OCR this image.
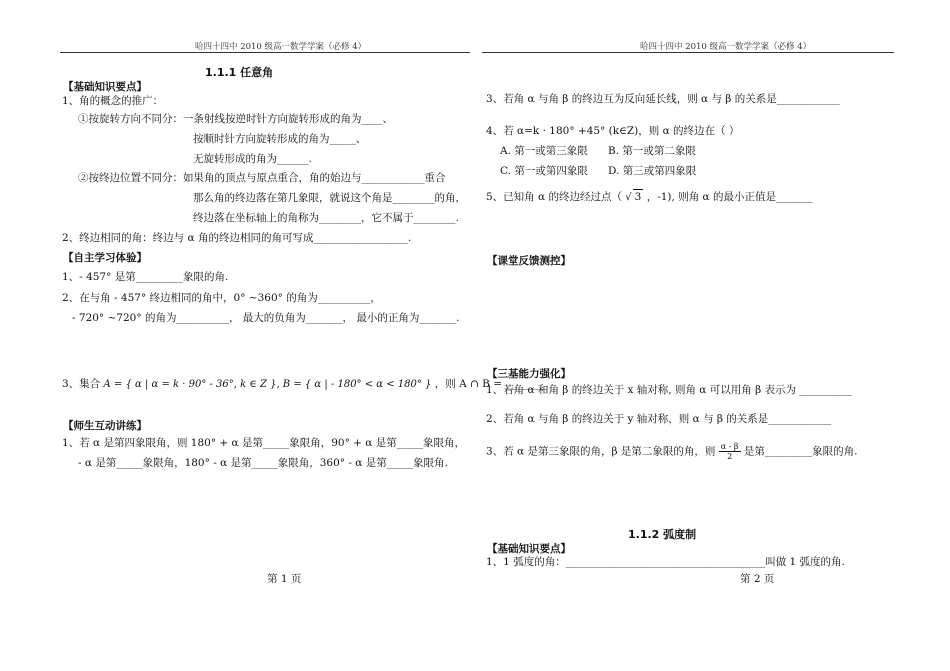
哈四十四中 2010 级高一数学学案（必修 4）	哈四十四中 2010 级高一数学学案（必修 4）
1.1.1 任意角
【基础知识要点】
1、角的概念的推广：
①按旋转方向不同分：一条射线按逆时针方向旋转形成的角为____、
按顺时针方向旋转形成的角为_____、
无旋转形成的角为______.
②按终边位置不同分：如果角的顶点与原点重合，角的始边与____________重合
那么角的终边落在第几象限，就说这个角是________的角，
终边落在坐标轴上的角称为________，它不属于________.
2、终边相同的角：终边与 α 角的终边相同的角可写成__________________.
【自主学习体验】
1、- 457° 是第_________象限的角.
2、在与角 - 457° 终边相同的角中，0° ~360° 的角为__________，
- 720° ~720° 的角为__________， 最大的负角为_______， 最小的正角为_______.
3、集合 A = { α | α = k · 90° - 36°, k ∈ Z }, B = { α | - 180° < α < 180° } ，则 A ∩ B = ________
【师生互动讲练】
1、若 α 是第四象限角，则 180° + α 是第_____象限角，90° + α 是第_____象限角，
- α 是第_____象限角，180° - α 是第_____象限角，360° - α 是第_____象限角.
第 1 页
3、若角 α 与角 β 的终边互为反向延长线，则 α 与 β 的关系是____________
4、若 α=k · 180° +45° (k∈Z)，则 α 的终边在（ ）
A. 第一或第三象限 B. 第一或第二象限
C. 第一或第四象限 D. 第三或第四象限
5、已知角 α 的终边经过点（ √ 3 ，-1), 则角 α 的最小正值是_______
【课堂反馈测控】
【三基能力强化】
1、若角 α 和角 β 的终边关于 x 轴对称, 则角 α 可以用角 β 表示为 __________
2、若角 α 与角 β 的终边关于 y 轴对称，则 α 与 β 的关系是____________
3、若 α 是第三象限的角，β 是第二象限的角，则 $\frac{\alpha - \beta}{2}$ 是第_________象限的角.
1.1.2 弧度制
【基础知识要点】
1、1 弧度的角：______________________________________叫做 1 弧度的角.
第 2 页
